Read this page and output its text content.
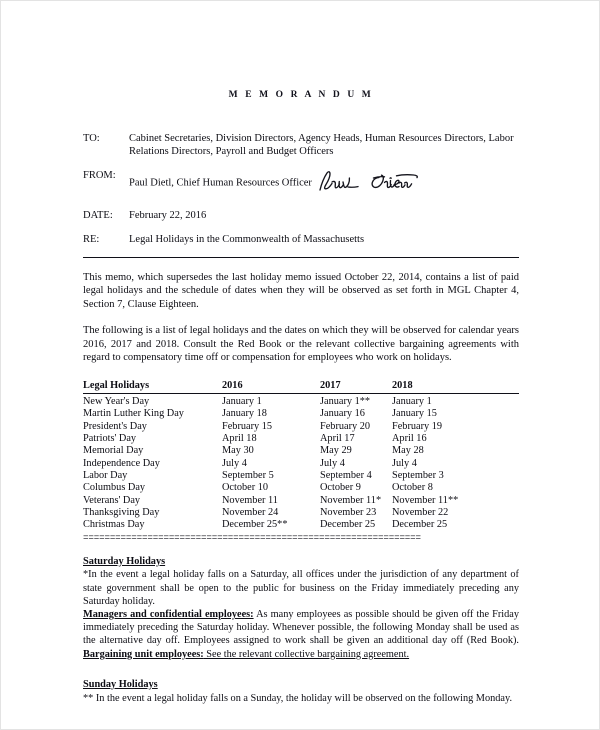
M E M O R A N D U M
TO:	Cabinet Secretaries, Division Directors, Agency Heads, Human Resources Directors, Labor Relations Directors, Payroll and Budget Officers
FROM:
Paul Dietl, Chief Human Resources Officer
DATE:	February 22, 2016
RE:	Legal Holidays in the Commonwealth of Massachusetts

This memo, which supersedes the last holiday memo issued October 22, 2014, contains a list of paid legal holidays and the schedule of dates when they will be observed as set forth in MGL Chapter 4, Section 7, Clause Eighteen.

The following is a list of legal holidays and the dates on which they will be observed for calendar years 2016, 2017 and 2018. Consult the Red Book or the relevant collective bargaining agreements with regard to compensatory time off or compensation for employees who work on holidays.

Legal Holidays	2016	2017	2018
New Year's Day	January 1	January 1**	January 1
Martin Luther King Day	January 18	January 16	January 15
President's Day	February 15	February 20	February 19
Patriots' Day	April 18	April 17	April 16
Memorial Day	May 30	May 29	May 28
Independence Day	July 4	July 4	July 4
Labor Day	September 5	September 4	September 3
Columbus Day	October 10	October 9	October 8
Veterans' Day	November 11	November 11*	November 11**
Thanksgiving Day	November 24	November 23	November 22
Christmas Day	December 25**	December 25	December 25
===============================================================
Saturday Holidays
*In the event a legal holiday falls on a Saturday, all offices under the jurisdiction of any department of state government shall be open to the public for business on the Friday immediately preceding any Saturday holiday.
Managers and confidential employees: As many employees as possible should be given off the Friday immediately preceding the Saturday holiday. Whenever possible, the following Monday shall be used as the alternative day off. Employees assigned to work shall be given an additional day off (Red Book). Bargaining unit employees: See the relevant collective bargaining agreement.
Sunday Holidays
** In the event a legal holiday falls on a Sunday, the holiday will be observed on the following Monday.
